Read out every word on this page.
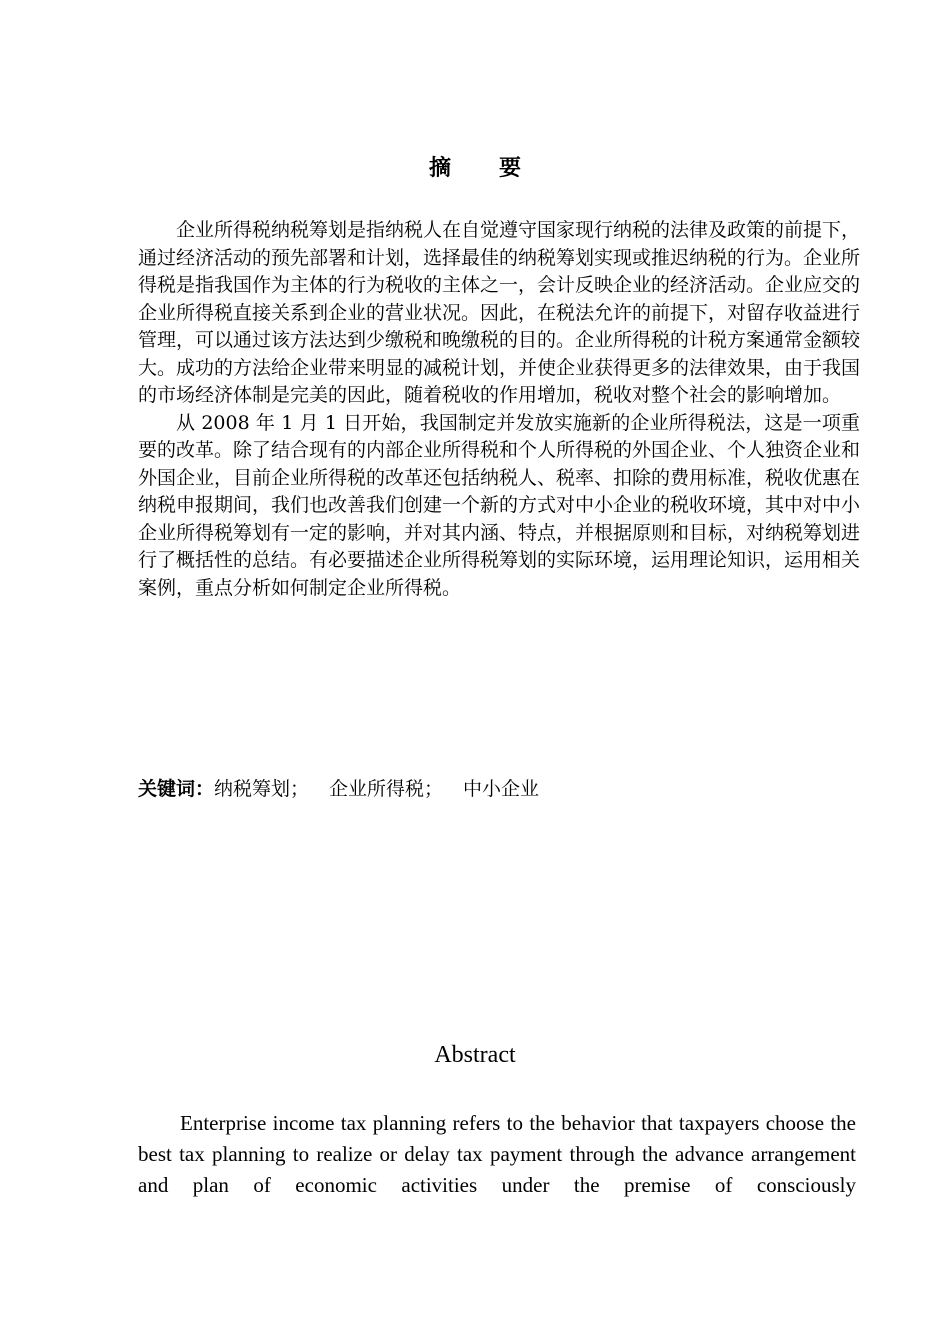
摘 要

企业所得税纳税筹划是指纳税人在自觉遵守国家现行纳税的法律及政策的前提下，通过经济活动的预先部署和计划，选择最佳的纳税筹划实现或推迟纳税的行为。企业所得税是指我国作为主体的行为税收的主体之一，会计反映企业的经济活动。企业应交的企业所得税直接关系到企业的营业状况。因此，在税法允许的前提下，对留存收益进行管理，可以通过该方法达到少缴税和晚缴税的目的。企业所得税的计税方案通常金额较大。成功的方法给企业带来明显的减税计划，并使企业获得更多的法律效果，由于我国的市场经济体制是完美的因此，随着税收的作用增加，税收对整个社会的影响增加。

从 2008 年 1 月 1 日开始，我国制定并发放实施新的企业所得税法，这是一项重要的改革。除了结合现有的内部企业所得税和个人所得税的外国企业、个人独资企业和外国企业，目前企业所得税的改革还包括纳税人、税率、扣除的费用标准，税收优惠在纳税申报期间，我们也改善我们创建一个新的方式对中小企业的税收环境，其中对中小企业所得税筹划有一定的影响，并对其内涵、特点，并根据原则和目标，对纳税筹划进行了概括性的总结。有必要描述企业所得税筹划的实际环境，运用理论知识，运用相关案例，重点分析如何制定企业所得税。

关键词：纳税筹划； 企业所得税； 中小企业
Abstract

Enterprise income tax planning refers to the behavior that taxpayers choose the best tax planning to realize or delay tax payment through the advance arrangement and plan of economic activities under the premise of consciously
